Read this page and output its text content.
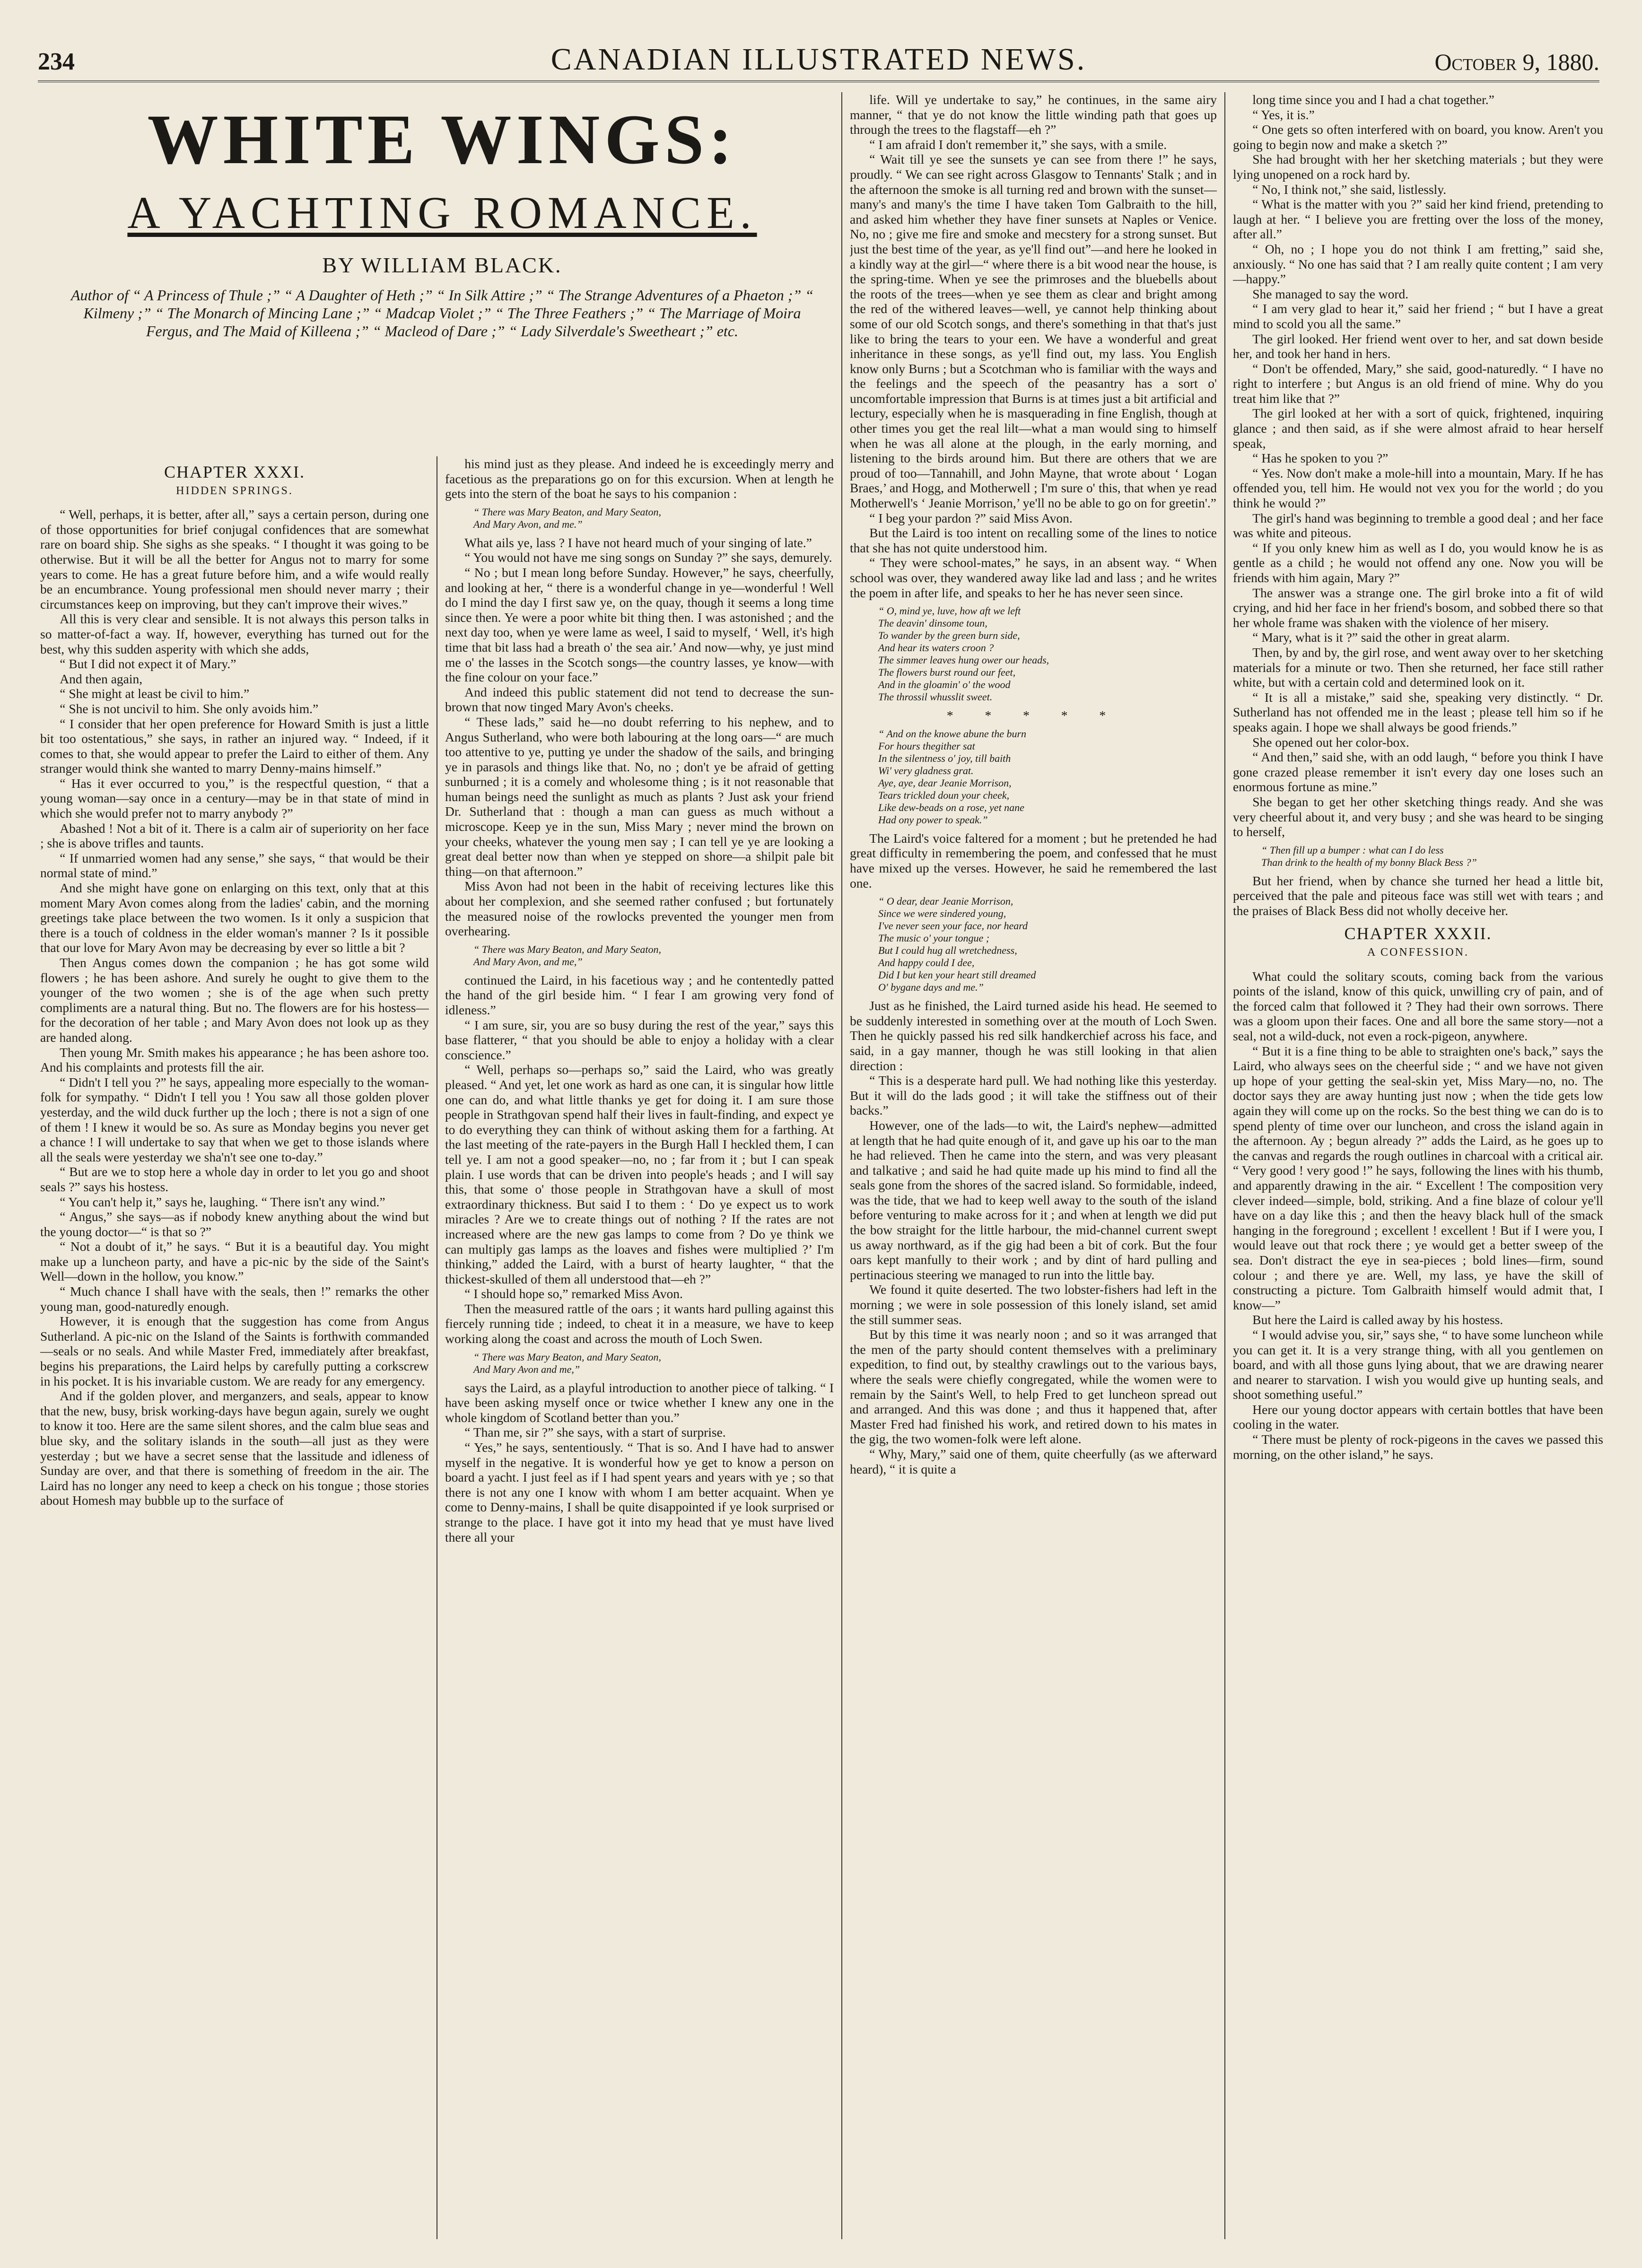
234	CANADIAN ILLUSTRATED NEWS.	October 9, 1880.
WHITE WINGS:
A YACHTING ROMANCE.
BY WILLIAM BLACK.
Author of “ A Princess of Thule ;” “ A Daughter of Heth ;” “ In Silk Attire ;” “ The Strange Adventures of a Phaeton ;” “ Kilmeny ;” “ The Monarch of Mincing Lane ;” “ Madcap Violet ;” “ The Three Feathers ;” “ The Marriage of Moira Fergus, and The Maid of Killeena ;” “ Macleod of Dare ;” “ Lady Silverdale's Sweetheart ;” etc.

CHAPTER XXXI.

HIDDEN SPRINGS.

“ Well, perhaps, it is better, after all,” says a certain person, during one of those opportunities for brief conjugal confidences that are somewhat rare on board ship. She sighs as she speaks. “ I thought it was going to be otherwise. But it will be all the better for Angus not to marry for some years to come. He has a great future before him, and a wife would really be an encumbrance. Young professional men should never marry ; their circumstances keep on improving, but they can't improve their wives.”

All this is very clear and sensible. It is not always this person talks in so matter-of-fact a way. If, however, everything has turned out for the best, why this sudden asperity with which she adds,

“ But I did not expect it of Mary.”

And then again,

“ She might at least be civil to him.”

“ She is not uncivil to him. She only avoids him.”

“ I consider that her open preference for Howard Smith is just a little bit too ostentatious,” she says, in rather an injured way. “ Indeed, if it comes to that, she would appear to prefer the Laird to either of them. Any stranger would think she wanted to marry Denny-mains himself.”

“ Has it ever occurred to you,” is the respectful question, “ that a young woman—say once in a century—may be in that state of mind in which she would prefer not to marry anybody ?”

Abashed ! Not a bit of it. There is a calm air of superiority on her face ; she is above trifles and taunts.

“ If unmarried women had any sense,” she says, “ that would be their normal state of mind.”

And she might have gone on enlarging on this text, only that at this moment Mary Avon comes along from the ladies' cabin, and the morning greetings take place between the two women. Is it only a suspicion that there is a touch of coldness in the elder woman's manner ? Is it possible that our love for Mary Avon may be decreasing by ever so little a bit ?

Then Angus comes down the companion ; he has got some wild flowers ; he has been ashore. And surely he ought to give them to the younger of the two women ; she is of the age when such pretty compliments are a natural thing. But no. The flowers are for his hostess—for the decoration of her table ; and Mary Avon does not look up as they are handed along.

Then young Mr. Smith makes his appearance ; he has been ashore too. And his complaints and protests fill the air.

“ Didn't I tell you ?” he says, appealing more especially to the woman-folk for sympathy. “ Didn't I tell you ! You saw all those golden plover yesterday, and the wild duck further up the loch ; there is not a sign of one of them ! I knew it would be so. As sure as Monday begins you never get a chance ! I will undertake to say that when we get to those islands where all the seals were yesterday we sha'n't see one to-day.”

“ But are we to stop here a whole day in order to let you go and shoot seals ?” says his hostess.

“ You can't help it,” says he, laughing. “ There isn't any wind.”

“ Angus,” she says—as if nobody knew anything about the wind but the young doctor—“ is that so ?”

“ Not a doubt of it,” he says. “ But it is a beautiful day. You might make up a luncheon party, and have a pic-nic by the side of the Saint's Well—down in the hollow, you know.”

“ Much chance I shall have with the seals, then !” remarks the other young man, good-naturedly enough.

However, it is enough that the suggestion has come from Angus Sutherland. A pic-nic on the Island of the Saints is forthwith commanded—seals or no seals. And while Master Fred, immediately after breakfast, begins his preparations, the Laird helps by carefully putting a corkscrew in his pocket. It is his invariable custom. We are ready for any emergency.

And if the golden plover, and merganzers, and seals, appear to know that the new, busy, brisk working-days have begun again, surely we ought to know it too. Here are the same silent shores, and the calm blue seas and blue sky, and the solitary islands in the south—all just as they were yesterday ; but we have a secret sense that the lassitude and idleness of Sunday are over, and that there is something of freedom in the air. The Laird has no longer any need to keep a check on his tongue ; those stories about Homesh may bubble up to the surface of

his mind just as they please. And indeed he is exceedingly merry and facetious as the preparations go on for this excursion. When at length he gets into the stern of the boat he says to his companion :

“ There was Mary Beaton, and Mary Seaton,
And Mary Avon, and me.”

What ails ye, lass ? I have not heard much of your singing of late.”

“ You would not have me sing songs on Sunday ?” she says, demurely.

“ No ; but I mean long before Sunday. However,” he says, cheerfully, and looking at her, “ there is a wonderful change in ye—wonderful ! Well do I mind the day I first saw ye, on the quay, though it seems a long time since then. Ye were a poor white bit thing then. I was astonished ; and the next day too, when ye were lame as weel, I said to myself, ‘ Well, it's high time that bit lass had a breath o' the sea air.’ And now—why, ye just mind me o' the lasses in the Scotch songs—the country lasses, ye know—with the fine colour on your face.”

And indeed this public statement did not tend to decrease the sun-brown that now tinged Mary Avon's cheeks.

“ These lads,” said he—no doubt referring to his nephew, and to Angus Sutherland, who were both labouring at the long oars—“ are much too attentive to ye, putting ye under the shadow of the sails, and bringing ye in parasols and things like that. No, no ; don't ye be afraid of getting sunburned ; it is a comely and wholesome thing ; is it not reasonable that human beings need the sunlight as much as plants ? Just ask your friend Dr. Sutherland that : though a man can guess as much without a microscope. Keep ye in the sun, Miss Mary ; never mind the brown on your cheeks, whatever the young men say ; I can tell ye ye are looking a great deal better now than when ye stepped on shore—a shilpit pale bit thing—on that afternoon.”

Miss Avon had not been in the habit of receiving lectures like this about her complexion, and she seemed rather confused ; but fortunately the measured noise of the rowlocks prevented the younger men from overhearing.

“ There was Mary Beaton, and Mary Seaton,
And Mary Avon, and me,”

continued the Laird, in his facetious way ; and he contentedly patted the hand of the girl beside him. “ I fear I am growing very fond of idleness.”

“ I am sure, sir, you are so busy during the rest of the year,” says this base flatterer, “ that you should be able to enjoy a holiday with a clear conscience.”

“ Well, perhaps so—perhaps so,” said the Laird, who was greatly pleased. “ And yet, let one work as hard as one can, it is singular how little one can do, and what little thanks ye get for doing it. I am sure those people in Strathgovan spend half their lives in fault-finding, and expect ye to do everything they can think of without asking them for a farthing. At the last meeting of the rate-payers in the Burgh Hall I heckled them, I can tell ye. I am not a good speaker—no, no ; far from it ; but I can speak plain. I use words that can be driven into people's heads ; and I will say this, that some o' those people in Strathgovan have a skull of most extraordinary thickness. But said I to them : ‘ Do ye expect us to work miracles ? Are we to create things out of nothing ? If the rates are not increased where are the new gas lamps to come from ? Do ye think we can multiply gas lamps as the loaves and fishes were multiplied ?’ I'm thinking,” added the Laird, with a burst of hearty laughter, “ that the thickest-skulled of them all understood that—eh ?”

“ I should hope so,” remarked Miss Avon.

Then the measured rattle of the oars ; it wants hard pulling against this fiercely running tide ; indeed, to cheat it in a measure, we have to keep working along the coast and across the mouth of Loch Swen.

“ There was Mary Beaton, and Mary Seaton,
And Mary Avon and me,”

says the Laird, as a playful introduction to another piece of talking. “ I have been asking myself once or twice whether I knew any one in the whole kingdom of Scotland better than you.”

“ Than me, sir ?” she says, with a start of surprise.

“ Yes,” he says, sententiously. “ That is so. And I have had to answer myself in the negative. It is wonderful how ye get to know a person on board a yacht. I just feel as if I had spent years and years with ye ; so that there is not any one I know with whom I am better acquaint. When ye come to Denny-mains, I shall be quite disappointed if ye look surprised or strange to the place. I have got it into my head that ye must have lived there all your

life. Will ye undertake to say,” he continues, in the same airy manner, “ that ye do not know the little winding path that goes up through the trees to the flagstaff—eh ?”

“ I am afraid I don't remember it,” she says, with a smile.

“ Wait till ye see the sunsets ye can see from there !” he says, proudly. “ We can see right across Glasgow to Tennants' Stalk ; and in the afternoon the smoke is all turning red and brown with the sunset—many's and many's the time I have taken Tom Galbraith to the hill, and asked him whether they have finer sunsets at Naples or Venice. No, no ; give me fire and smoke and mecstery for a strong sunset. But just the best time of the year, as ye'll find out”—and here he looked in a kindly way at the girl—“ where there is a bit wood near the house, is the spring-time. When ye see the primroses and the bluebells about the roots of the trees—when ye see them as clear and bright among the red of the withered leaves—well, ye cannot help thinking about some of our old Scotch songs, and there's something in that that's just like to bring the tears to your een. We have a wonderful and great inheritance in these songs, as ye'll find out, my lass. You English know only Burns ; but a Scotchman who is familiar with the ways and the feelings and the speech of the peasantry has a sort o' uncomfortable impression that Burns is at times just a bit artificial and lectury, especially when he is masquerading in fine English, though at other times you get the real lilt—what a man would sing to himself when he was all alone at the plough, in the early morning, and listening to the birds around him. But there are others that we are proud of too—Tannahill, and John Mayne, that wrote about ‘ Logan Braes,’ and Hogg, and Motherwell ; I'm sure o' this, that when ye read Motherwell's ‘ Jeanie Morrison,’ ye'll no be able to go on for greetin'.”

“ I beg your pardon ?” said Miss Avon.

But the Laird is too intent on recalling some of the lines to notice that she has not quite understood him.

“ They were school-mates,” he says, in an absent way. “ When school was over, they wandered away like lad and lass ; and he writes the poem in after life, and speaks to her he has never seen since.

“ O, mind ye, luve, how aft we left
The deavin' dinsome toun,
To wander by the green burn side,
And hear its waters croon ?
The simmer leaves hung ower our heads,
The flowers burst round our feet,
And in the gloamin' o' the wood
The throssil whusslit sweet.

* * * * *

“ And on the knowe abune the burn
For hours thegither sat
In the silentness o' joy, till baith
Wi' very gladness grat.
Aye, aye, dear Jeanie Morrison,
Tears trickled doun your cheek,
Like dew-beads on a rose, yet nane
Had ony power to speak.”

The Laird's voice faltered for a moment ; but he pretended he had great difficulty in remembering the poem, and confessed that he must have mixed up the verses. However, he said he remembered the last one.

“ O dear, dear Jeanie Morrison,
Since we were sindered young,
I've never seen your face, nor heard
The music o' your tongue ;
But I could hug all wretchedness,
And happy could I dee,
Did I but ken your heart still dreamed
O' bygane days and me.”

Just as he finished, the Laird turned aside his head. He seemed to be suddenly interested in something over at the mouth of Loch Swen. Then he quickly passed his red silk handkerchief across his face, and said, in a gay manner, though he was still looking in that alien direction :

“ This is a desperate hard pull. We had nothing like this yesterday. But it will do the lads good ; it will take the stiffness out of their backs.”

However, one of the lads—to wit, the Laird's nephew—admitted at length that he had quite enough of it, and gave up his oar to the man he had relieved. Then he came into the stern, and was very pleasant and talkative ; and said he had quite made up his mind to find all the seals gone from the shores of the sacred island. So formidable, indeed, was the tide, that we had to keep well away to the south of the island before venturing to make across for it ; and when at length we did put the bow straight for the little harbour, the mid-channel current swept us away northward, as if the gig had been a bit of cork. But the four oars kept manfully to their work ; and by dint of hard pulling and pertinacious steering we managed to run into the little bay.

We found it quite deserted. The two lobster-fishers had left in the morning ; we were in sole possession of this lonely island, set amid the still summer seas.

But by this time it was nearly noon ; and so it was arranged that the men of the party should content themselves with a preliminary expedition, to find out, by stealthy crawlings out to the various bays, where the seals were chiefly congregated, while the women were to remain by the Saint's Well, to help Fred to get luncheon spread out and arranged. And this was done ; and thus it happened that, after Master Fred had finished his work, and retired down to his mates in the gig, the two women-folk were left alone.

“ Why, Mary,” said one of them, quite cheerfully (as we afterward heard), “ it is quite a

long time since you and I had a chat together.”

“ Yes, it is.”

“ One gets so often interfered with on board, you know. Aren't you going to begin now and make a sketch ?”

She had brought with her her sketching materials ; but they were lying unopened on a rock hard by.

“ No, I think not,” she said, listlessly.

“ What is the matter with you ?” said her kind friend, pretending to laugh at her. “ I believe you are fretting over the loss of the money, after all.”

“ Oh, no ; I hope you do not think I am fretting,” said she, anxiously. “ No one has said that ? I am really quite content ; I am very—happy.”

She managed to say the word.

“ I am very glad to hear it,” said her friend ; “ but I have a great mind to scold you all the same.”

The girl looked. Her friend went over to her, and sat down beside her, and took her hand in hers.

“ Don't be offended, Mary,” she said, good-naturedly. “ I have no right to interfere ; but Angus is an old friend of mine. Why do you treat him like that ?”

The girl looked at her with a sort of quick, frightened, inquiring glance ; and then said, as if she were almost afraid to hear herself speak,

“ Has he spoken to you ?”

“ Yes. Now don't make a mole-hill into a mountain, Mary. If he has offended you, tell him. He would not vex you for the world ; do you think he would ?”

The girl's hand was beginning to tremble a good deal ; and her face was white and piteous.

“ If you only knew him as well as I do, you would know he is as gentle as a child ; he would not offend any one. Now you will be friends with him again, Mary ?”

The answer was a strange one. The girl broke into a fit of wild crying, and hid her face in her friend's bosom, and sobbed there so that her whole frame was shaken with the violence of her misery.

“ Mary, what is it ?” said the other in great alarm.

Then, by and by, the girl rose, and went away over to her sketching materials for a minute or two. Then she returned, her face still rather white, but with a certain cold and determined look on it.

“ It is all a mistake,” said she, speaking very distinctly. “ Dr. Sutherland has not offended me in the least ; please tell him so if he speaks again. I hope we shall always be good friends.”

She opened out her color-box.

“ And then,” said she, with an odd laugh, “ before you think I have gone crazed please remember it isn't every day one loses such an enormous fortune as mine.”

She began to get her other sketching things ready. And she was very cheerful about it, and very busy ; and she was heard to be singing to herself,

“ Then fill up a bumper : what can I do less
Than drink to the health of my bonny Black Bess ?”

But her friend, when by chance she turned her head a little bit, perceived that the pale and piteous face was still wet with tears ; and the praises of Black Bess did not wholly deceive her.

CHAPTER XXXII.

A CONFESSION.

What could the solitary scouts, coming back from the various points of the island, know of this quick, unwilling cry of pain, and of the forced calm that followed it ? They had their own sorrows. There was a gloom upon their faces. One and all bore the same story—not a seal, not a wild-duck, not even a rock-pigeon, anywhere.

“ But it is a fine thing to be able to straighten one's back,” says the Laird, who always sees on the cheerful side ; “ and we have not given up hope of your getting the seal-skin yet, Miss Mary—no, no. The doctor says they are away hunting just now ; when the tide gets low again they will come up on the rocks. So the best thing we can do is to spend plenty of time over our luncheon, and cross the island again in the afternoon. Ay ; begun already ?” adds the Laird, as he goes up to the canvas and regards the rough outlines in charcoal with a critical air. “ Very good ! very good !” he says, following the lines with his thumb, and apparently drawing in the air. “ Excellent ! The composition very clever indeed—simple, bold, striking. And a fine blaze of colour ye'll have on a day like this ; and then the heavy black hull of the smack hanging in the foreground ; excellent ! excellent ! But if I were you, I would leave out that rock there ; ye would get a better sweep of the sea. Don't distract the eye in sea-pieces ; bold lines—firm, sound colour ; and there ye are. Well, my lass, ye have the skill of constructing a picture. Tom Galbraith himself would admit that, I know—”

But here the Laird is called away by his hostess.

“ I would advise you, sir,” says she, “ to have some luncheon while you can get it. It is a very strange thing, with all you gentlemen on board, and with all those guns lying about, that we are drawing nearer and nearer to starvation. I wish you would give up hunting seals, and shoot something useful.”

Here our young doctor appears with certain bottles that have been cooling in the water.

“ There must be plenty of rock-pigeons in the caves we passed this morning, on the other island,” he says.
